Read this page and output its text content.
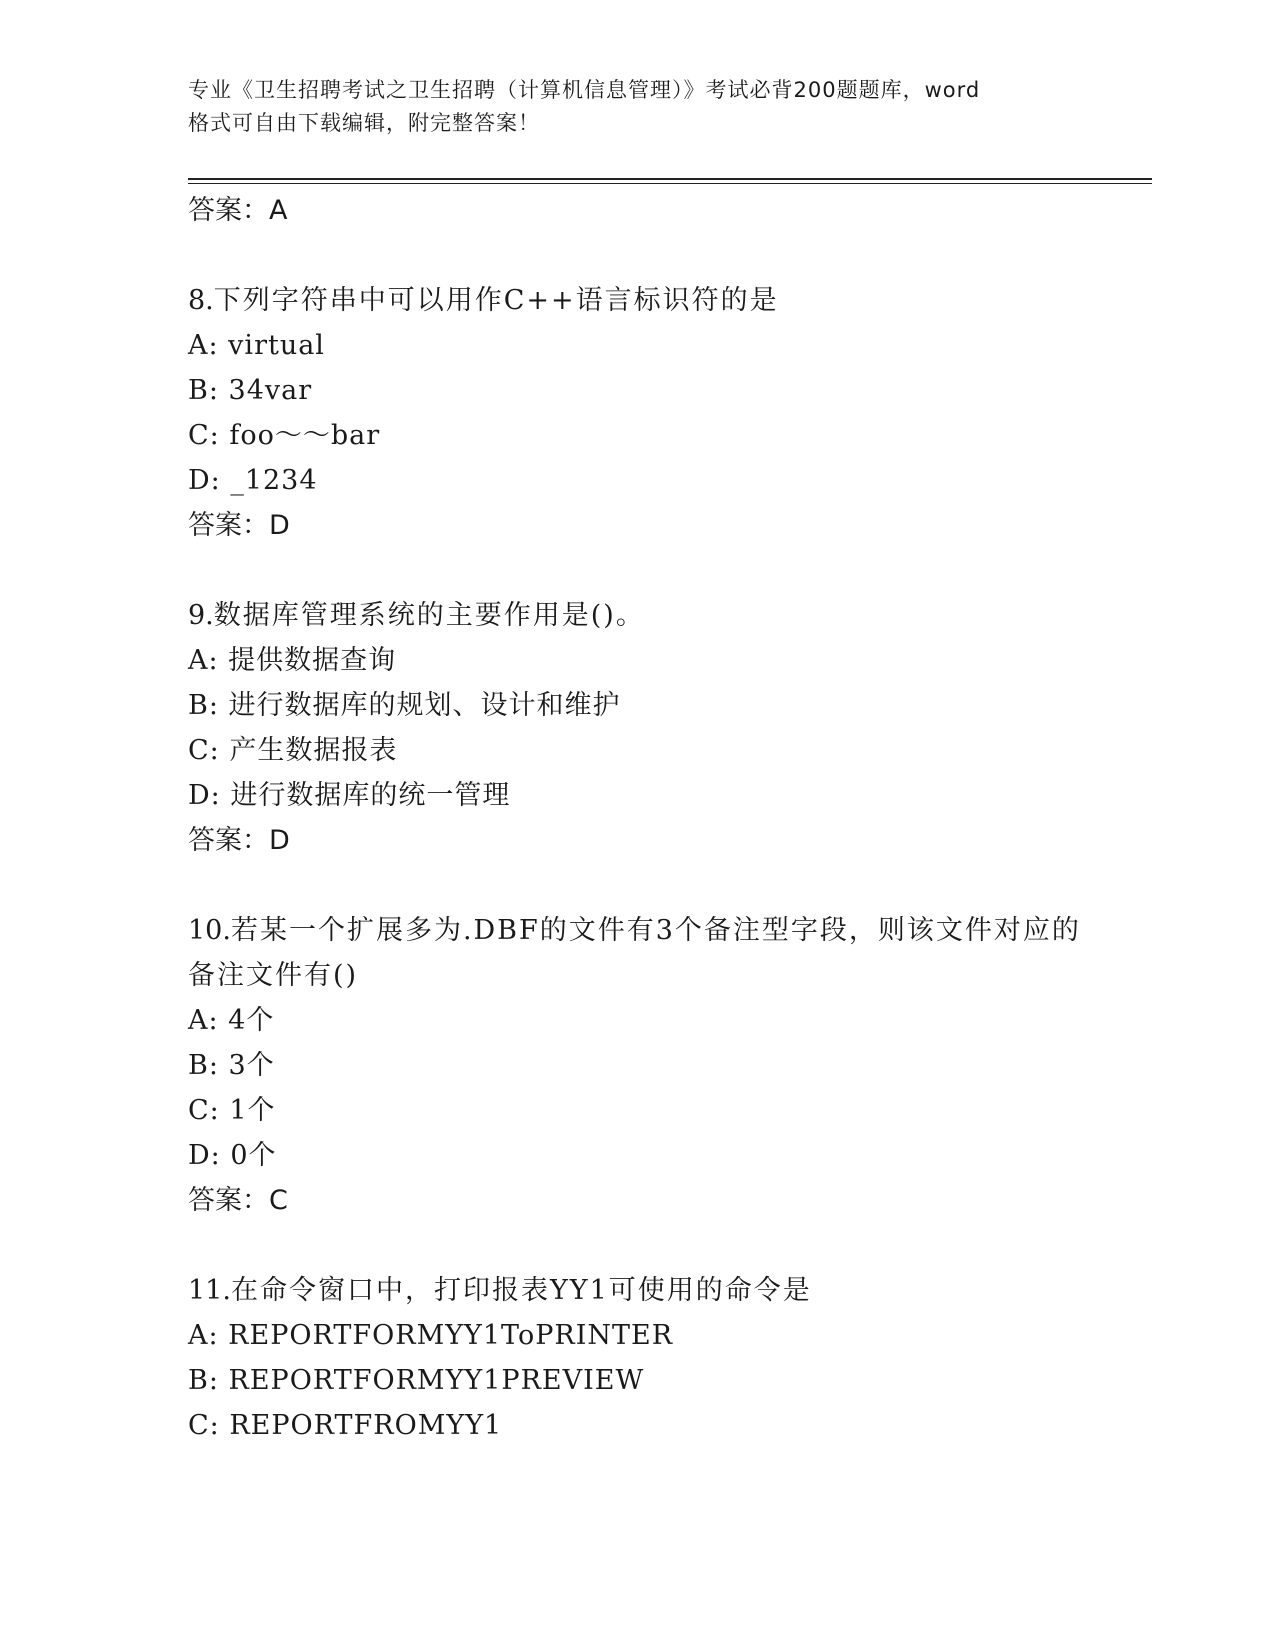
专业《卫生招聘考试之卫生招聘（计算机信息管理）》考试必背200题题库，word
格式可自由下载编辑，附完整答案！
答案：A

8.下列字符串中可以用作C++语言标识符的是

A: virtual

B: 34var

C: foo～～bar

D: _1234

答案：D

9.数据库管理系统的主要作用是()。

A: 提供数据查询

B: 进行数据库的规划、设计和维护

C: 产生数据报表

D: 进行数据库的统一管理

答案：D

10.若某一个扩展多为.DBF的文件有3个备注型字段，则该文件对应的

备注文件有()

A: 4个

B: 3个

C: 1个

D: 0个

答案：C

11.在命令窗口中，打印报表YY1可使用的命令是

A: REPORTFORMYY1ToPRINTER

B: REPORTFORMYY1PREVIEW

C: REPORTFROMYY1
